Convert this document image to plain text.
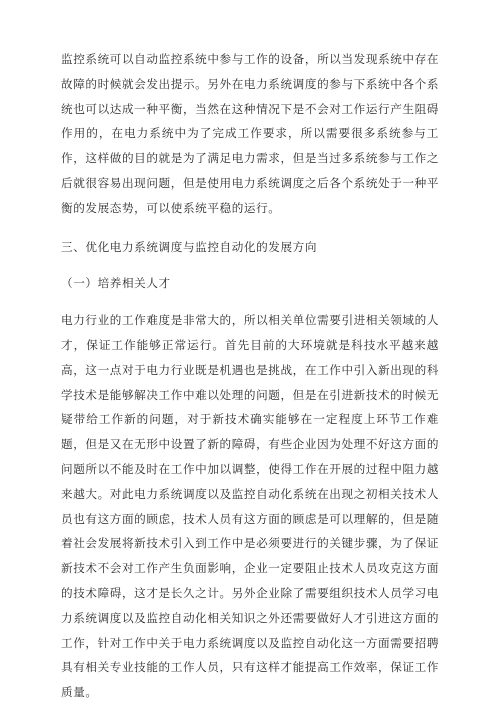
监控系统可以自动监控系统中参与工作的设备，所以当发现系统中存在故障的时候就会发出提示。另外在电力系统调度的参与下系统中各个系统也可以达成一种平衡，当然在这种情况下是不会对工作运行产生阻碍作用的，在电力系统中为了完成工作要求，所以需要很多系统参与工作，这样做的目的就是为了满足电力需求，但是当过多系统参与工作之后就很容易出现问题，但是使用电力系统调度之后各个系统处于一种平衡的发展态势，可以使系统平稳的运行。

三、优化电力系统调度与监控自动化的发展方向

（一）培养相关人才

电力行业的工作难度是非常大的，所以相关单位需要引进相关领域的人才，保证工作能够正常运行。首先目前的大环境就是科技水平越来越高，这一点对于电力行业既是机遇也是挑战，在工作中引入新出现的科学技术是能够解决工作中难以处理的问题，但是在引进新技术的时候无疑带给工作新的问题，对于新技术确实能够在一定程度上环节工作难题，但是又在无形中设置了新的障碍，有些企业因为处理不好这方面的问题所以不能及时在工作中加以调整，使得工作在开展的过程中阻力越来越大。对此电力系统调度以及监控自动化系统在出现之初相关技术人员也有这方面的顾虑，技术人员有这方面的顾虑是可以理解的，但是随着社会发展将新技术引入到工作中是必须要进行的关键步骤，为了保证新技术不会对工作产生负面影响，企业一定要阻止技术人员攻克这方面的技术障碍，这才是长久之计。另外企业除了需要组织技术人员学习电力系统调度以及监控自动化相关知识之外还需要做好人才引进这方面的工作，针对工作中关于电力系统调度以及监控自动化这一方面需要招聘具有相关专业技能的工作人员，只有这样才能提高工作效率，保证工作质量。
